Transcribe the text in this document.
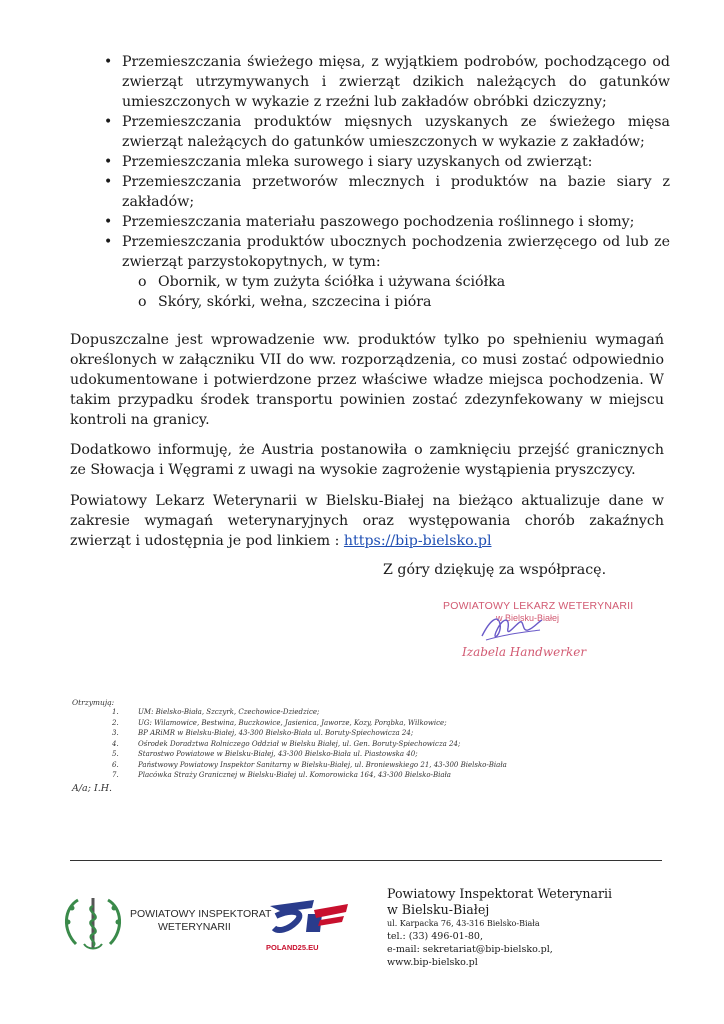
• Przemieszczania świeżego mięsa, z wyjątkiem podrobów, pochodzącego od zwierząt utrzymywanych i zwierząt dzikich należących do gatunków umieszczonych w wykazie z rzeźni lub zakładów obróbki dziczyzny;
• Przemieszczania produktów mięsnych uzyskanych ze świeżego mięsa zwierząt należących do gatunków umieszczonych w wykazie z zakładów;
• Przemieszczania mleka surowego i siary uzyskanych od zwierząt:
• Przemieszczania przetworów mlecznych i produktów na bazie siary z zakładów;
• Przemieszczania materiału paszowego pochodzenia roślinnego i słomy;
• Przemieszczania produktów ubocznych pochodzenia zwierzęcego od lub ze zwierząt parzystokopytnych, w tym:
o Obornik, w tym zużyta ściółka i używana ściółka
o Skóry, skórki, wełna, szczecina i pióra

Dopuszczalne jest wprowadzenie ww. produktów tylko po spełnieniu wymagań określonych w załączniku VII do ww. rozporządzenia, co musi zostać odpowiednio udokumentowane i potwierdzone przez właściwe władze miejsca pochodzenia. W takim przypadku środek transportu powinien zostać zdezynfekowany w miejscu kontroli na granicy.

Dodatkowo informuję, że Austria postanowiła o zamknięciu przejść granicznych ze Słowacja i Węgrami z uwagi na wysokie zagrożenie wystąpienia pryszczycy.

Powiatowy Lekarz Weterynarii w Bielsku-Białej na bieżąco aktualizuje dane w zakresie wymagań weterynaryjnych oraz występowania chorób zakaźnych zwierząt i udostępnia je pod linkiem : https://bip-bielsko.pl

Z góry dziękuję za współpracę.
POWIATOWY LEKARZ WETERYNARII
w Bielsku-Białej
Izabela Handwerker
Otrzymują:
1.	UM: Bielsko-Biała, Szczyrk, Czechowice-Dziedzice;
2.	UG: Wilamowice, Bestwina, Buczkowice, Jasienica, Jaworze, Kozy, Porąbka, Wilkowice;
3.	BP ARiMR w Bielsku-Białej, 43-300 Bielsko-Biała ul. Boruty-Spiechowicza 24;
4.	Ośrodek Doradztwa Rolniczego Oddział w Bielsku Białej, ul. Gen. Boruty-Spiechowicza 24;
5.	Starostwo Powiatowe w Bielsku-Białej, 43-300 Bielsko-Biała ul. Piastowska 40;
6.	Państwowy Powiatowy Inspektor Sanitarny w Bielsku-Białej, ul. Broniewskiego 21, 43-300 Bielsko-Biała
7.	Placówka Straży Granicznej w Bielsku-Białej ul. Komorowicka 164, 43-300 Bielsko-Biała
A/a; I.H.
POWIATOWY INSPEKTORAT
WETERYNARII
POLAND25.EU
Powiatowy Inspektorat Weterynarii
w Bielsku-Białej
ul. Karpacka 76, 43-316 Bielsko-Biała
tel.: (33) 496-01-80,
e-mail: sekretariat@bip-bielsko.pl,
www.bip-bielsko.pl
